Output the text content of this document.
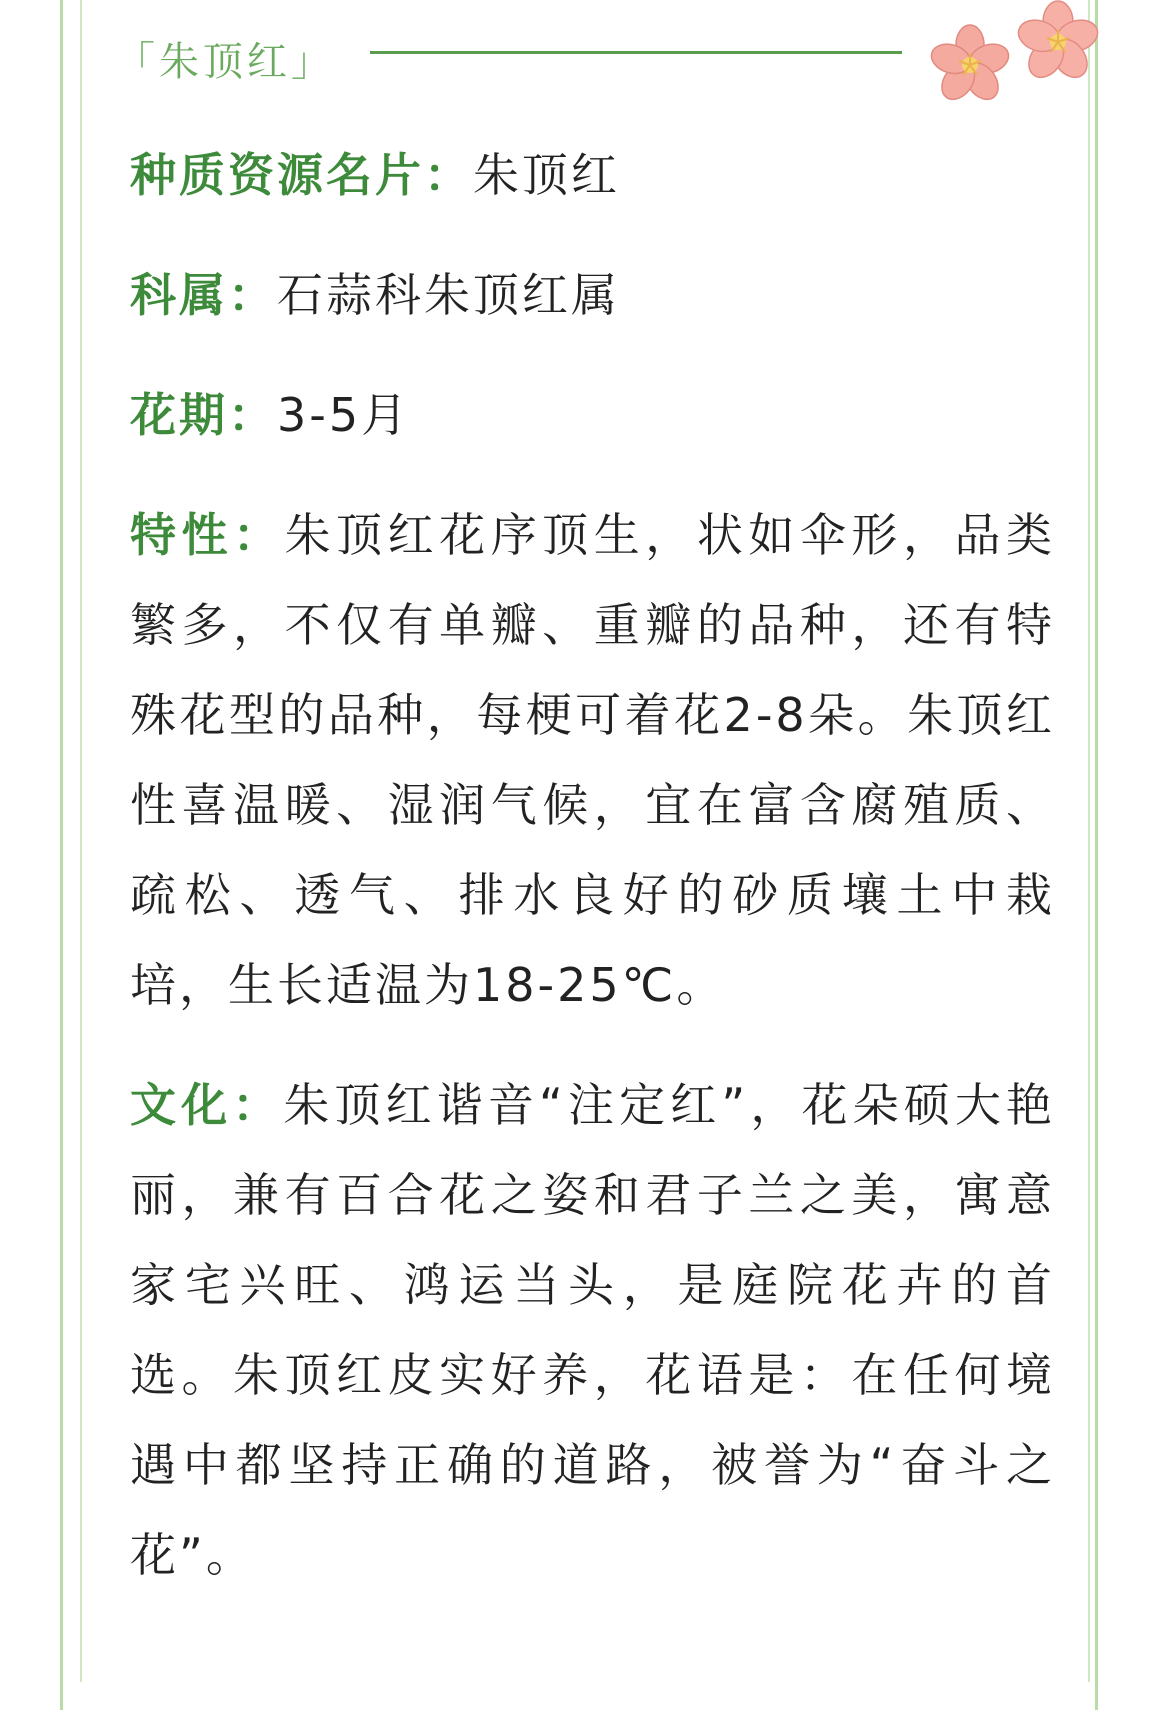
「朱顶红」

种质资源名片：朱顶红

科属：石蒜科朱顶红属

花期：3-5月

特性：朱顶红花序顶生，状如伞形，品类繁多，不仅有单瓣、重瓣的品种，还有特殊花型的品种，每梗可着花2-8朵。朱顶红性喜温暖、湿润气候，宜在富含腐殖质、疏松、透气、排水良好的砂质壤土中栽培，生长适温为18-25℃。

文化：朱顶红谐音“注定红”，花朵硕大艳丽，兼有百合花之姿和君子兰之美，寓意家宅兴旺、鸿运当头，是庭院花卉的首选。朱顶红皮实好养，花语是：在任何境遇中都坚持正确的道路，被誉为“奋斗之花”。
